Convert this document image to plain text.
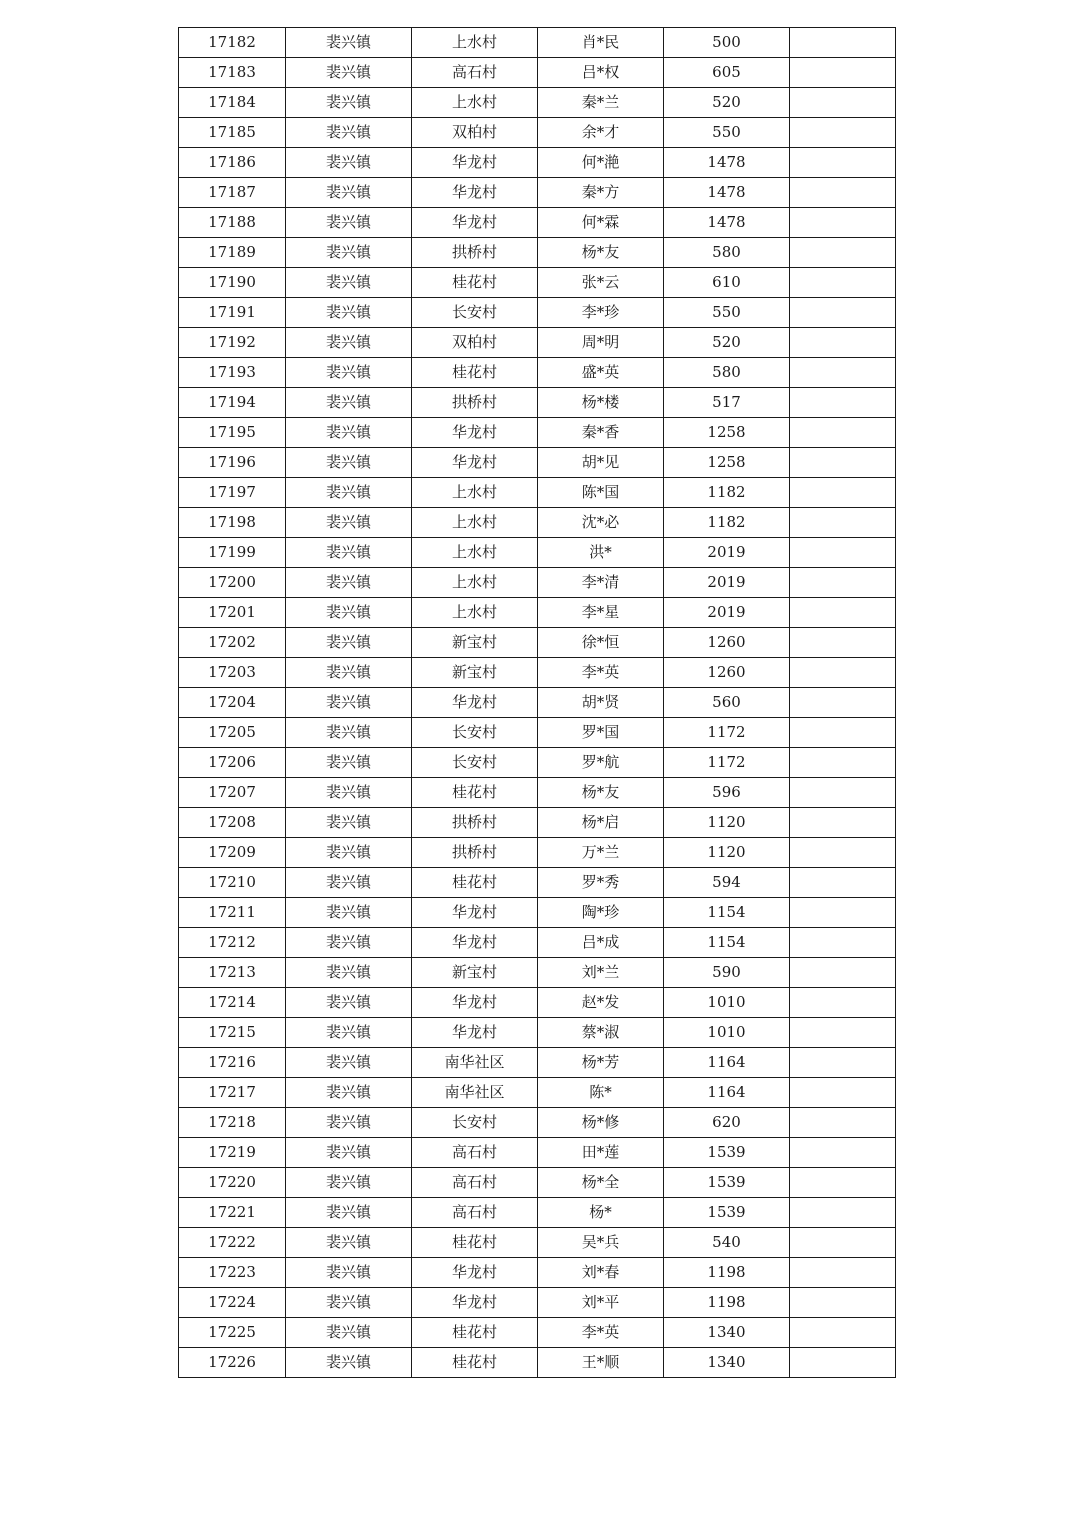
17182	裴兴镇	上水村	肖*民	500	
17183	裴兴镇	高石村	吕*权	605	
17184	裴兴镇	上水村	秦*兰	520	
17185	裴兴镇	双柏村	余*才	550	
17186	裴兴镇	华龙村	何*滟	1478	
17187	裴兴镇	华龙村	秦*方	1478	
17188	裴兴镇	华龙村	何*霖	1478	
17189	裴兴镇	拱桥村	杨*友	580	
17190	裴兴镇	桂花村	张*云	610	
17191	裴兴镇	长安村	李*珍	550	
17192	裴兴镇	双柏村	周*明	520	
17193	裴兴镇	桂花村	盛*英	580	
17194	裴兴镇	拱桥村	杨*楼	517	
17195	裴兴镇	华龙村	秦*香	1258	
17196	裴兴镇	华龙村	胡*见	1258	
17197	裴兴镇	上水村	陈*国	1182	
17198	裴兴镇	上水村	沈*必	1182	
17199	裴兴镇	上水村	洪*	2019	
17200	裴兴镇	上水村	李*清	2019	
17201	裴兴镇	上水村	李*星	2019	
17202	裴兴镇	新宝村	徐*恒	1260	
17203	裴兴镇	新宝村	李*英	1260	
17204	裴兴镇	华龙村	胡*贤	560	
17205	裴兴镇	长安村	罗*国	1172	
17206	裴兴镇	长安村	罗*航	1172	
17207	裴兴镇	桂花村	杨*友	596	
17208	裴兴镇	拱桥村	杨*启	1120	
17209	裴兴镇	拱桥村	万*兰	1120	
17210	裴兴镇	桂花村	罗*秀	594	
17211	裴兴镇	华龙村	陶*珍	1154	
17212	裴兴镇	华龙村	吕*成	1154	
17213	裴兴镇	新宝村	刘*兰	590	
17214	裴兴镇	华龙村	赵*发	1010	
17215	裴兴镇	华龙村	蔡*淑	1010	
17216	裴兴镇	南华社区	杨*芳	1164	
17217	裴兴镇	南华社区	陈*	1164	
17218	裴兴镇	长安村	杨*修	620	
17219	裴兴镇	高石村	田*莲	1539	
17220	裴兴镇	高石村	杨*全	1539	
17221	裴兴镇	高石村	杨*	1539	
17222	裴兴镇	桂花村	吴*兵	540	
17223	裴兴镇	华龙村	刘*春	1198	
17224	裴兴镇	华龙村	刘*平	1198	
17225	裴兴镇	桂花村	李*英	1340	
17226	裴兴镇	桂花村	王*顺	1340	
